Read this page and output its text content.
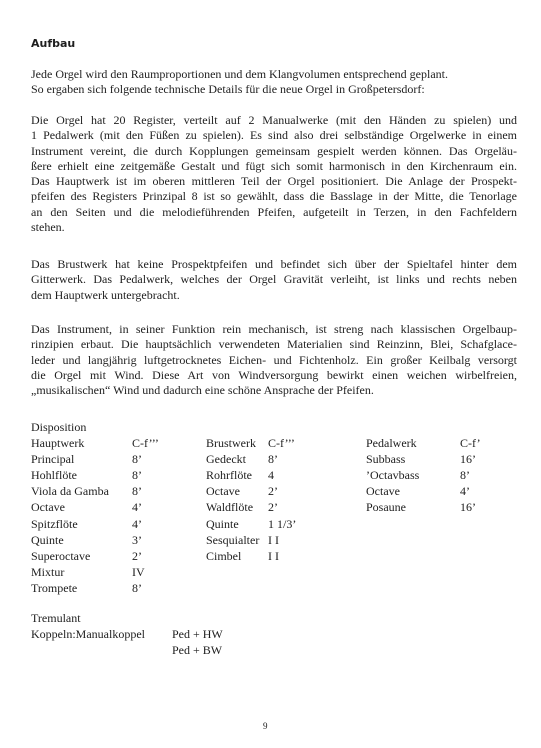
Aufbau
Jede Orgel wird den Raumproportionen und dem Klangvolumen entsprechend geplant.
So ergaben sich folgende technische Details für die neue Orgel in Großpetersdorf:
Die Orgel hat 20 Register, verteilt auf 2 Manualwerke (mit den Händen zu spielen) und
1 Pedalwerk (mit den Füßen zu spielen). Es sind also drei selbständige Orgelwerke in einem
Instrument vereint, die durch Kopplungen gemeinsam gespielt werden können. Das Orgeläu-
ßere erhielt eine zeitgemäße Gestalt und fügt sich somit harmonisch in den Kirchenraum ein.
Das Hauptwerk ist im oberen mittleren Teil der Orgel positioniert. Die Anlage der Prospekt-
pfeifen des Registers Prinzipal 8 ist so gewählt, dass die Basslage in der Mitte, die Tenorlage
an den Seiten und die melodieführenden Pfeifen, aufgeteilt in Terzen, in den Fachfeldern
stehen.
Das Brustwerk hat keine Prospektpfeifen und befindet sich über der Spieltafel hinter dem
Gitterwerk. Das Pedalwerk, welches der Orgel Gravität verleiht, ist links und rechts neben
dem Hauptwerk untergebracht.
Das Instrument, in seiner Funktion rein mechanisch, ist streng nach klassischen Orgelbaup-
rinzipien erbaut. Die hauptsächlich verwendeten Materialien sind Reinzinn, Blei, Schafglace-
leder und langjährig luftgetrocknetes Eichen- und Fichtenholz. Ein großer Keilbalg versorgt
die Orgel mit Wind. Diese Art von Windversorgung bewirkt einen weichen wirbelfreien,
„musikalischen“ Wind und dadurch eine schöne Ansprache der Pfeifen.
Disposition
Hauptwerk	C-f’’’	Brustwerk C-f’’’	Pedalwerk	C-f’
Principal	8’	Gedeckt 8’	Subbass	16’
Hohlflöte	8’	Rohrflöte 4	’Octavbass	8’
Viola da Gamba 8’	Octave 2’	Octave	4’
Octave	4’	Waldflöte 2’	Posaune	16’
Spitzflöte	4’	Quinte 1 1/3’
Quinte	3’	Sesquialter I I
Superoctave	2’	Cimbel I I
Mixtur	IV
Trompete	8’
Tremulant
Koppeln:Manualkoppel Ped + HW
Ped + BW
9
